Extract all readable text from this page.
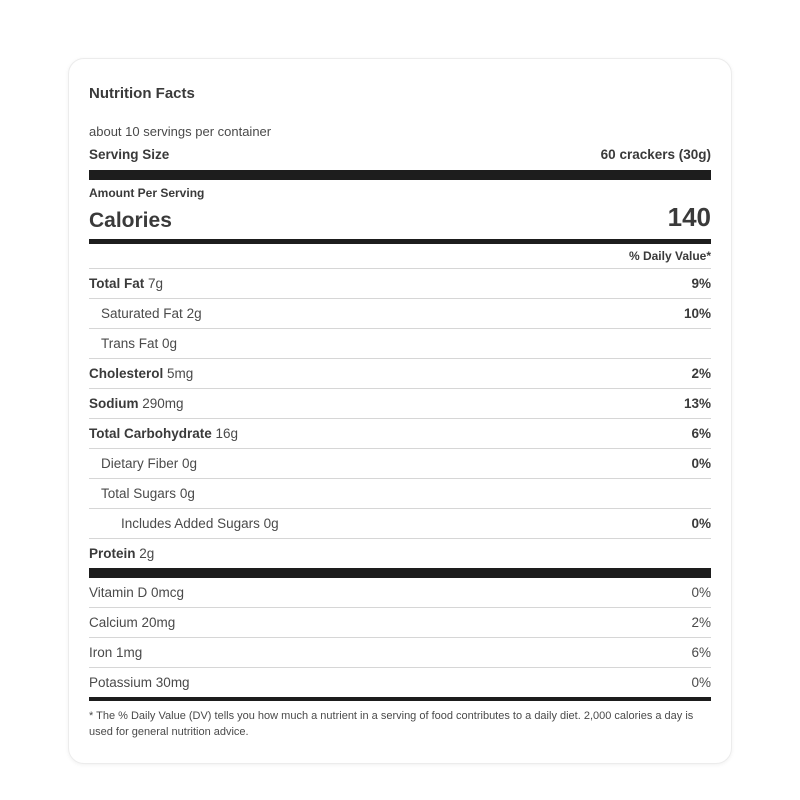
Nutrition Facts
about 10 servings per container
Serving Size	60 crackers (30g)
Amount Per Serving
Calories	140
% Daily Value*
Total Fat 7g	9%
Saturated Fat 2g	10%
Trans Fat 0g
Cholesterol 5mg	2%
Sodium 290mg	13%
Total Carbohydrate 16g	6%
Dietary Fiber 0g	0%
Total Sugars 0g
Includes Added Sugars 0g	0%
Protein 2g
Vitamin D 0mcg	0%
Calcium 20mg	2%
Iron 1mg	6%
Potassium 30mg	0%
* The % Daily Value (DV) tells you how much a nutrient in a serving of food contributes to a daily diet. 2,000 calories a day is used for general nutrition advice.
